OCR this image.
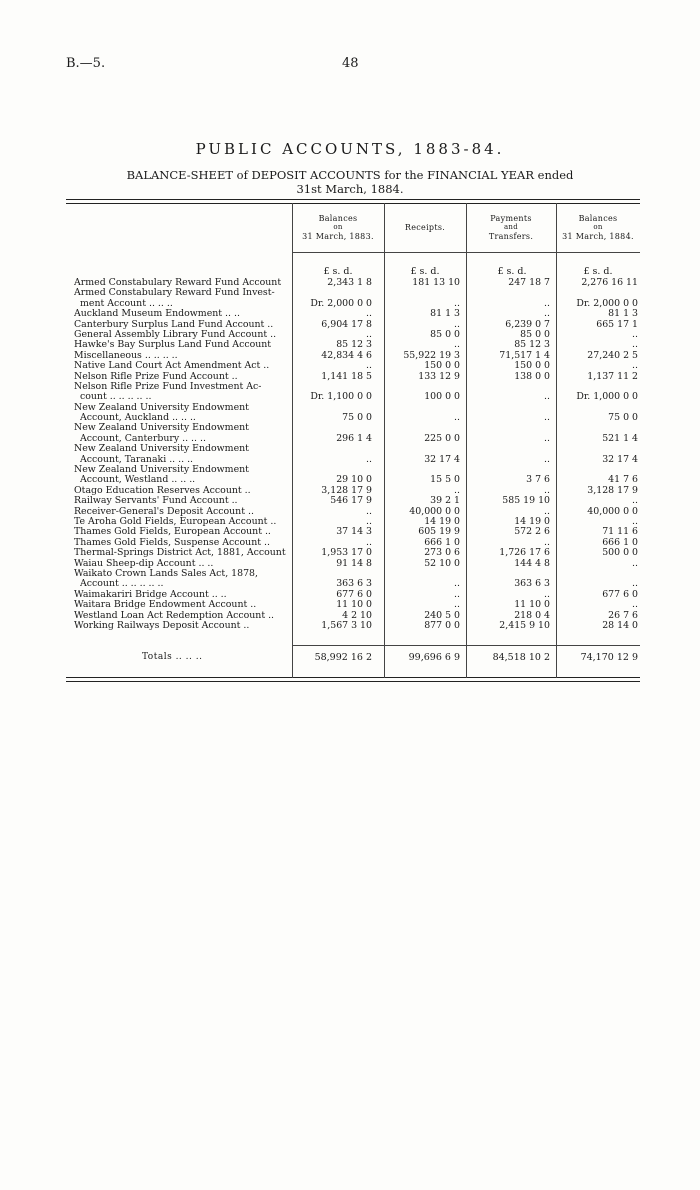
B.—5.	48
PUBLIC ACCOUNTS, 1883-84.
BALANCE-SHEET of DEPOSIT ACCOUNTS for the FINANCIAL YEAR ended
31st March, 1884.
Balances
on
31 March, 1883.
Receipts.
Payments
and
Transfers.
Balances
on
31 March, 1884.
£ s. d.	£ s. d.	£ s. d.	£ s. d.
Armed Constabulary Reward Fund Account	2,343 1 8	181 13 10	247 18 7	2,276 16 11
Armed Constabulary Reward Fund Invest-
ment Account .. .. ..	Dr. 2,000 0 0	..	..	Dr. 2,000 0 0
Auckland Museum Endowment .. ..	..	81 1 3	..	81 1 3
Canterbury Surplus Land Fund Account ..	6,904 17 8	..	6,239 0 7	665 17 1
General Assembly Library Fund Account ..	..	85 0 0	85 0 0	..
Hawke's Bay Surplus Land Fund Account	85 12 3	..	85 12 3	..
Miscellaneous .. .. .. ..	42,834 4 6	55,922 19 3	71,517 1 4	27,240 2 5
Native Land Court Act Amendment Act ..	..	150 0 0	150 0 0	..
Nelson Rifle Prize Fund Account ..	1,141 18 5	133 12 9	138 0 0	1,137 11 2
Nelson Rifle Prize Fund Investment Ac-
count .. .. .. .. ..	Dr. 1,100 0 0	100 0 0	..	Dr. 1,000 0 0
New Zealand University Endowment
Account, Auckland .. .. ..	75 0 0	..	..	75 0 0
New Zealand University Endowment
Account, Canterbury .. .. ..	296 1 4	225 0 0	..	521 1 4
New Zealand University Endowment
Account, Taranaki .. .. ..	..	32 17 4	..	32 17 4
New Zealand University Endowment
Account, Westland .. .. ..	29 10 0	15 5 0	3 7 6	41 7 6
Otago Education Reserves Account ..	3,128 17 9	..	..	3,128 17 9
Railway Servants' Fund Account ..	546 17 9	39 2 1	585 19 10	..
Receiver-General's Deposit Account ..	..	40,000 0 0	..	40,000 0 0
Te Aroha Gold Fields, European Account ..	..	14 19 0	14 19 0	..
Thames Gold Fields, European Account ..	37 14 3	605 19 9	572 2 6	71 11 6
Thames Gold Fields, Suspense Account ..	..	666 1 0	..	666 1 0
Thermal-Springs District Act, 1881, Account	1,953 17 0	273 0 6	1,726 17 6	500 0 0
Waiau Sheep-dip Account .. ..	91 14 8	52 10 0	144 4 8	..
Waikato Crown Lands Sales Act, 1878,
Account .. .. .. .. ..	363 6 3	..	363 6 3	..
Waimakariri Bridge Account .. ..	677 6 0	..	..	677 6 0
Waitara Bridge Endowment Account ..	11 10 0	..	11 10 0	..
Westland Loan Act Redemption Account ..	4 2 10	240 5 0	218 0 4	26 7 6
Working Railways Deposit Account ..	1,567 3 10	877 0 0	2,415 9 10	28 14 0
Totals .. .. ..	58,992 16 2	99,696 6 9	84,518 10 2	74,170 12 9
